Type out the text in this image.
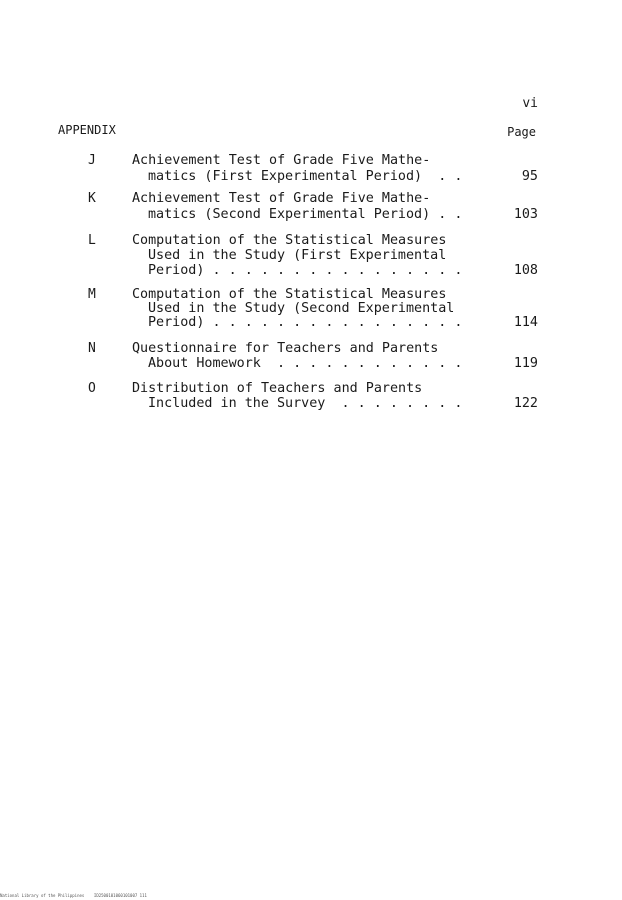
vi
APPENDIX	Page
J	Achievement Test of Grade Five Mathe-
matics (First Experimental Period)  . .	95
K	Achievement Test of Grade Five Mathe-
matics (Second Experimental Period) . .	103
L	Computation of the Statistical Measures
Used in the Study (First Experimental
Period) . . . . . . . . . . . . . . . .	108
M	Computation of the Statistical Measures
Used in the Study (Second Experimental
Period) . . . . . . . . . . . . . . . .	114
N	Questionnaire for Teachers and Parents
About Homework  . . . . . . . . . . . .	119
O	Distribution of Teachers and Parents
Included in the Survey  . . . . . . . .	122
National Library of the Philippines    ID2500101060101007 111
